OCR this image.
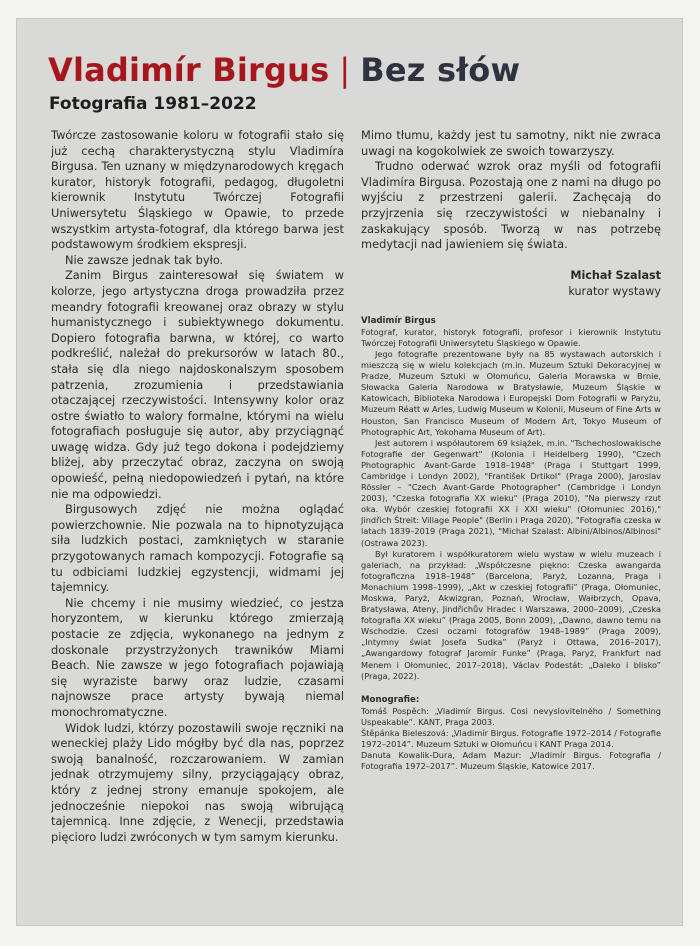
Vladimír Birgus | Bez słów
Fotografia 1981–2022

Twórcze zastosowanie koloru w fotografii stało się już cechą charakterystyczną stylu Vladimíra Birgusa. Ten uznany w międzynarodowych kręgach kurator, historyk fotografii, pedagog, długoletni kierownik Instytutu Twórczej Fotografii Uniwersytetu Śląskiego w Opawie, to przede wszystkim artysta-fotograf, dla którego barwa jest podstawowym środkiem ekspresji.

Nie zawsze jednak tak było.

Zanim Birgus zainteresował się światem w kolorze, jego artystyczna droga prowadziła przez meandry fotografii kreowanej oraz obrazy w stylu humanistycznego i subiektywnego dokumentu. Dopiero fotografia barwna, w której, co warto podkreślić, należał do prekursorów w latach 80., stała się dla niego najdoskonalszym sposobem patrzenia, zrozumienia i przedstawiania otaczającej rzeczywistości. Intensywny kolor oraz ostre światło to walory formalne, którymi na wielu fotografiach posługuje się autor, aby przyciągnąć uwagę widza. Gdy już tego dokona i podejdziemy bliżej, aby przeczytać obraz, zaczyna on swoją opowieść, pełną niedopowiedzeń i pytań, na które nie ma odpowiedzi.

Birgusowych zdjęć nie można oglądać powierzchownie. Nie pozwala na to hipnotyzująca siła ludzkich postaci, zamkniętych w staranie przygotowanych ramach kompozycji. Fotografie są tu odbiciami ludzkiej egzystencji, widmami jej tajemnicy.

Nie chcemy i nie musimy wiedzieć, co jestza horyzontem, w kierunku którego zmierzają postacie ze zdjęcia, wykonanego na jednym z doskonale przystrzyżonych trawników Miami Beach. Nie zawsze w jego fotografiach pojawiają się wyraziste barwy oraz ludzie, czasami najnowsze prace artysty bywają niemal monochromatyczne.

Widok ludzi, którzy pozostawili swoje ręczniki na weneckiej plaży Lido mógłby być dla nas, poprzez swoją banalność, rozczarowaniem. W zamian jednak otrzymujemy silny, przyciągający obraz, który z jednej strony emanuje spokojem, ale jednocześnie niepokoi nas swoją wibrującą tajemnicą. Inne zdjęcie, z Wenecji, przedstawia pięcioro ludzi zwróconych w tym samym kierunku.

Mimo tłumu, każdy jest tu samotny, nikt nie zwraca uwagi na kogokolwiek ze swoich towarzyszy.

Trudno oderwać wzrok oraz myśli od fotografii Vladimíra Birgusa. Pozostają one z nami na długo po wyjściu z przestrzeni galerii. Zachęcają do przyjrzenia się rzeczywistości w niebanalny i zaskakujący sposób. Tworzą w nas potrzebę medytacji nad jawieniem się świata.

Michał Szalast

kurator wystawy

Vladimír Birgus

Fotograf, kurator, historyk fotografii, profesor i kierownik Instytutu Twórczej Fotografii Uniwersytetu Śląskiego w Opawie.

Jego fotografie prezentowane były na 85 wystawach autorskich i mieszczą się w wielu kolekcjach (m.in. Muzeum Sztuki Dekoracyjnej w Pradze, Muzeum Sztuki w Ołomuńcu, Galeria Morawska w Brnie, Słowacka Galeria Narodowa w Bratysławie, Muzeum Śląskie w Katowicach, Biblioteka Narodowa i Europejski Dom Fotografii w Paryżu, Muzeum Réatt w Arles, Ludwig Museum w Kolonii, Museum of Fine Arts w Houston, San Francisco Museum of Modern Art, Tokyo Museum of Photographic Art, Yokohama Museum of Art).

Jest autorem i współautorem 69 książek, m.in. "Tschechoslowakische Fotografie der Gegenwart" (Kolonia i Heidelberg 1990), "Czech Photographic Avant-Garde 1918–1948" (Praga i Stuttgart 1999, Cambridge i Londyn 2002), "František Drtikol" (Praga 2000), Jaroslav Rössler – "Czech Avant-Garde Photographer" (Cambridge i Londyn 2003), "Czeska fotografia XX wieku" (Praga 2010), "Na pierwszy rzut oka. Wybór czeskiej fotografii XX i XXI wieku" (Ołomuniec 2016)," Jindřich Štreit: Village People" (Berlin i Praga 2020), "Fotografia czeska w latach 1839–2019 (Praga 2021), "Michał Szalast: Albini/Albinos/Albinosi" (Ostrawa 2023).

Był kuratorem i współkuratorem wielu wystaw w wielu muzeach i galeriach, na przykład: „Współczesne piękno: Czeska awangarda fotograficzna 1918–1948” (Barcelona, Paryż, Lozanna, Praga i Monachium 1998–1999), „Akt w czeskiej fotografii” (Praga, Ołomuniec, Moskwa, Paryż, Akwizgran, Poznań, Wrocław, Wałbrzych, Opava, Bratysława, Ateny, Jindřichův Hradec i Warszawa, 2000–2009), „Czeska fotografia XX wieku” (Praga 2005, Bonn 2009), „Dawno, dawno temu na Wschodzie. Czesi oczami fotografów 1948–1989” (Praga 2009), „Intymny świat Josefa Sudka” (Paryż i Ottawa, 2016–2017), „Awangardowy fotograf Jaromír Funke” (Praga, Paryż, Frankfurt nad Menem i Ołomuniec, 2017–2018), Václav Podestát: „Daleko i blisko” (Praga, 2022).

Monografie:

Tomáš Pospěch: „Vladimír Birgus. Cosi nevyslovitelného / Something Uspeakable”. KANT, Praga 2003.

Štěpánka Bieleszová: „Vladimír Birgus. Fotografie 1972–2014 / Fotografie 1972–2014”. Muzeum Sztuki w Ołomuńcu i KANT Praga 2014.

Danuta Kowalik-Dura, Adam Mazur: „Vladimír Birgus. Fotografia / Fotografia 1972–2017”. Muzeum Śląskie, Katowice 2017.
